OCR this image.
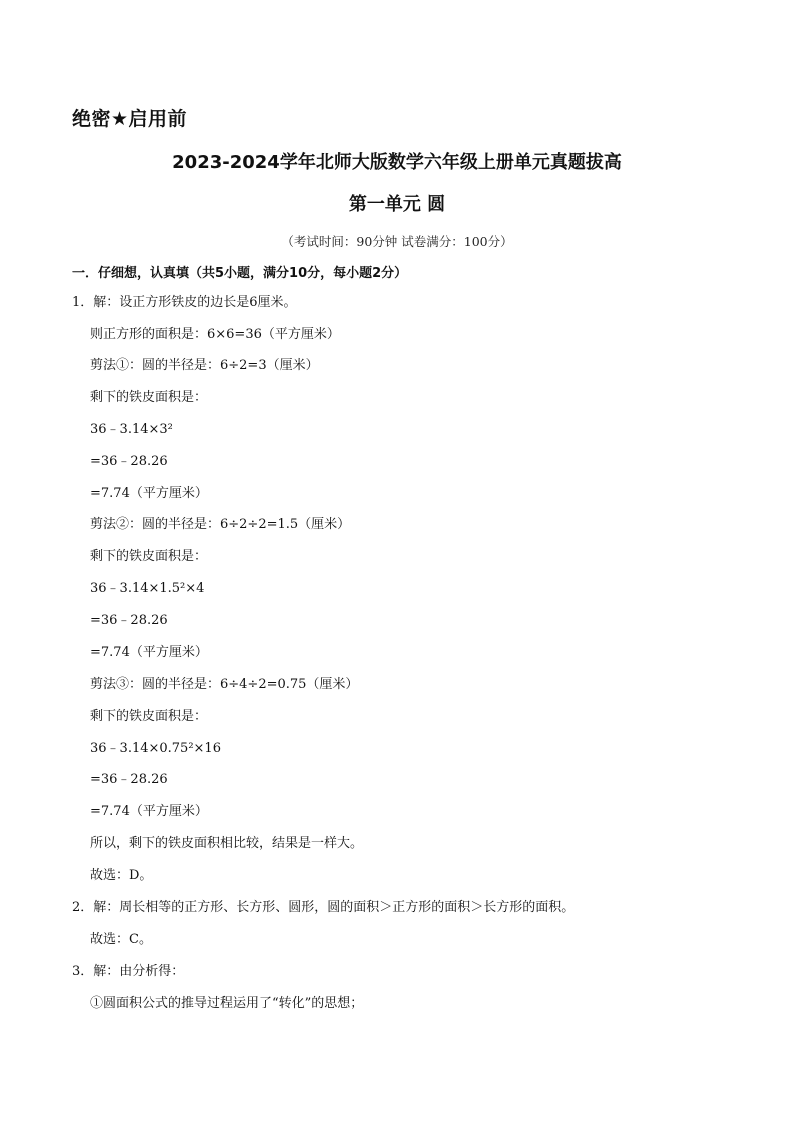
绝密★启用前
2023-2024学年北师大版数学六年级上册单元真题拔高
第一单元 圆
（考试时间：90分钟 试卷满分：100分）
一．仔细想，认真填（共5小题，满分10分，每小题2分）
1．解：设正方形铁皮的边长是6厘米。
则正方形的面积是：6×6=36（平方厘米）
剪法①：圆的半径是：6÷2=3（厘米）
剩下的铁皮面积是：
36﹣3.14×3²
=36﹣28.26
=7.74（平方厘米）
剪法②：圆的半径是：6÷2÷2=1.5（厘米）
剩下的铁皮面积是：
36﹣3.14×1.5²×4
=36﹣28.26
=7.74（平方厘米）
剪法③：圆的半径是：6÷4÷2=0.75（厘米）
剩下的铁皮面积是：
36﹣3.14×0.75²×16
=36﹣28.26
=7.74（平方厘米）
所以，剩下的铁皮面积相比较，结果是一样大。
故选：D。
2．解：周长相等的正方形、长方形、圆形，圆的面积＞正方形的面积＞长方形的面积。
故选：C。
3．解：由分析得：
①圆面积公式的推导过程运用了“转化”的思想；
